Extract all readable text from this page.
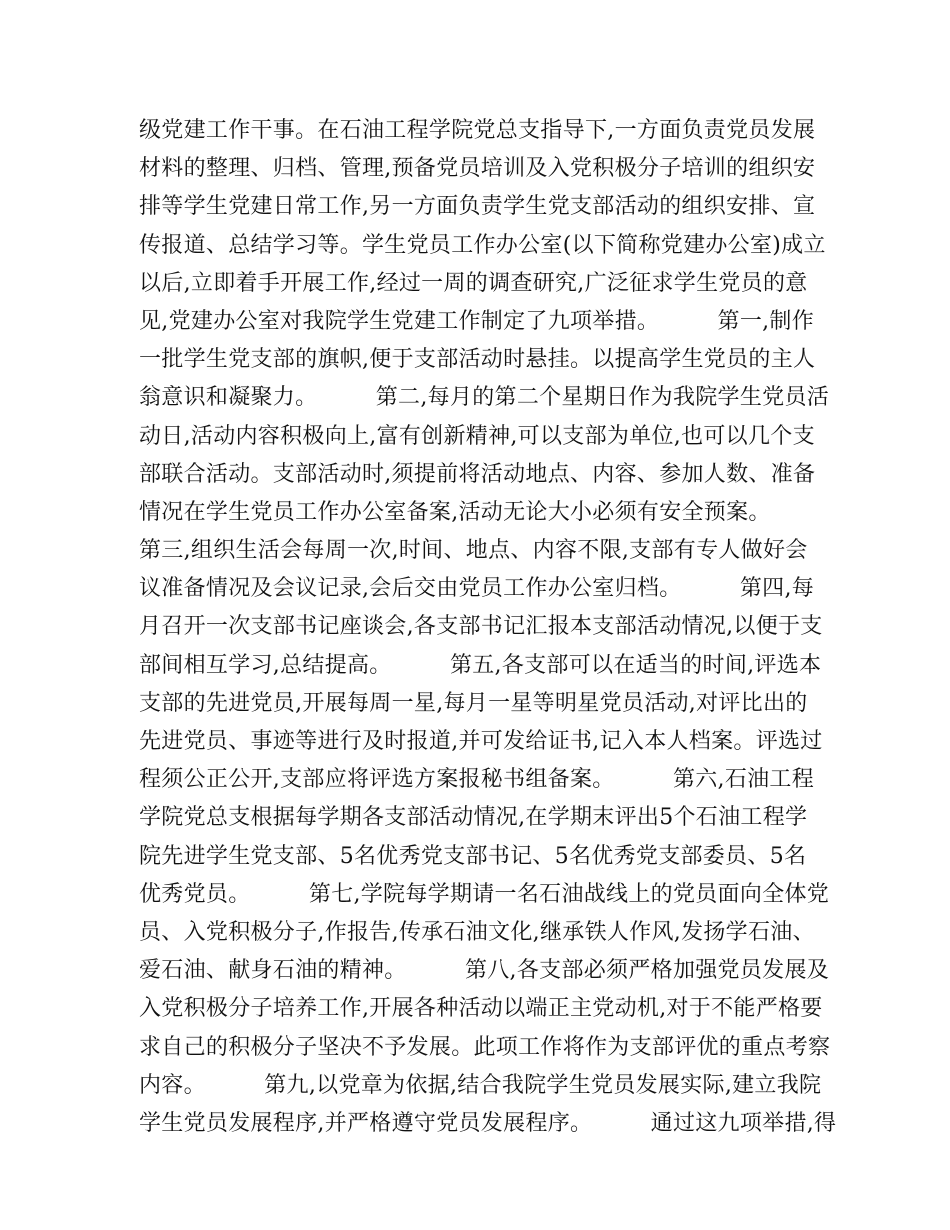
级党建工作干事。在石油工程学院党总支指导下,一方面负责党员发展
材料的整理、归档、管理,预备党员培训及入党积极分子培训的组织安
排等学生党建日常工作,另一方面负责学生党支部活动的组织安排、宣
传报道、总结学习等。学生党员工作办公室(以下简称党建办公室)成立
以后,立即着手开展工作,经过一周的调查研究,广泛征求学生党员的意
见,党建办公室对我院学生党建工作制定了九项举措。        第一,制作
一批学生党支部的旗帜,便于支部活动时悬挂。以提高学生党员的主人
翁意识和凝聚力。        第二,每月的第二个星期日作为我院学生党员活
动日,活动内容积极向上,富有创新精神,可以支部为单位,也可以几个支
部联合活动。支部活动时,须提前将活动地点、内容、参加人数、准备
情况在学生党员工作办公室备案,活动无论大小必须有安全预案。
第三,组织生活会每周一次,时间、地点、内容不限,支部有专人做好会
议准备情况及会议记录,会后交由党员工作办公室归档。        第四,每
月召开一次支部书记座谈会,各支部书记汇报本支部活动情况,以便于支
部间相互学习,总结提高。        第五,各支部可以在适当的时间,评选本
支部的先进党员,开展每周一星,每月一星等明星党员活动,对评比出的
先进党员、事迹等进行及时报道,并可发给证书,记入本人档案。评选过
程须公正公开,支部应将评选方案报秘书组备案。        第六,石油工程
学院党总支根据每学期各支部活动情况,在学期末评出5个石油工程学
院先进学生党支部、5名优秀党支部书记、5名优秀党支部委员、5名
优秀党员。        第七,学院每学期请一名石油战线上的党员面向全体党
员、入党积极分子,作报告,传承石油文化,继承铁人作风,发扬学石油、
爱石油、献身石油的精神。        第八,各支部必须严格加强党员发展及
入党积极分子培养工作,开展各种活动以端正主党动机,对于不能严格要
求自己的积极分子坚决不予发展。此项工作将作为支部评优的重点考察
内容。        第九,以党章为依据,结合我院学生党员发展实际,建立我院
学生党员发展程序,并严格遵守党员发展程序。        通过这九项举措,得
